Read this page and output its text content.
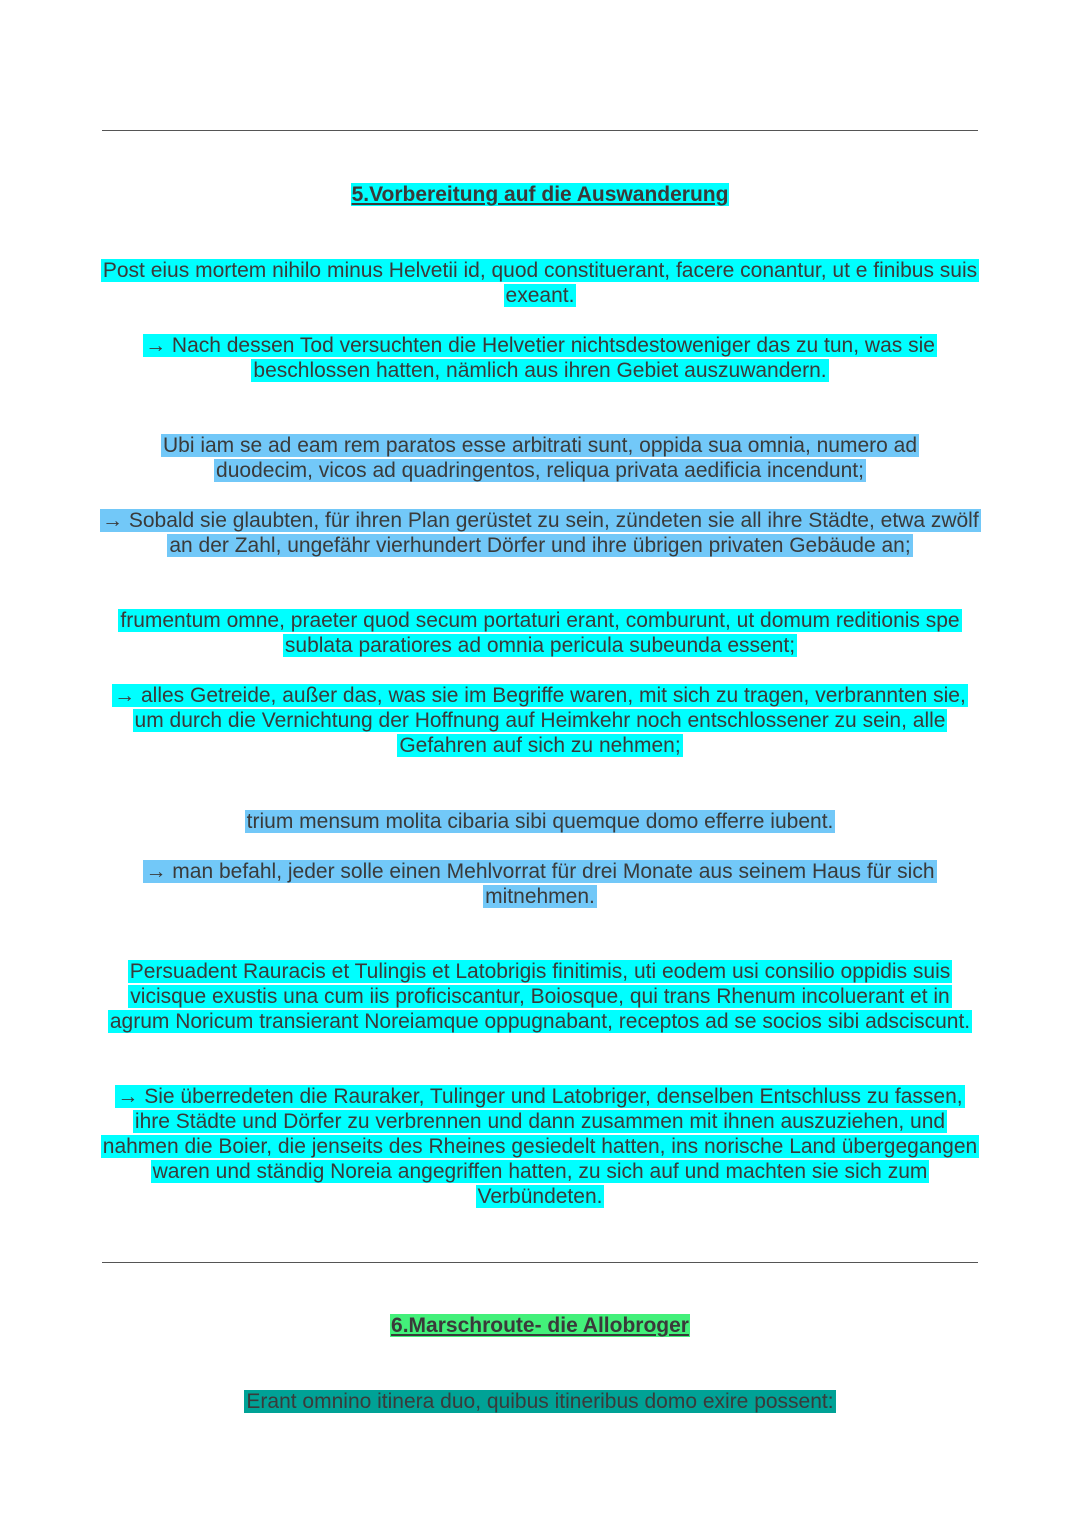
5.Vorbereitung auf die Auswanderung

Post eius mortem nihilo minus Helvetii id, quod constituerant, facere conantur, ut e finibus suis exeant.

→ Nach dessen Tod versuchten die Helvetier nichtsdestoweniger das zu tun, was sie beschlossen hatten, nämlich aus ihren Gebiet auszuwandern.

Ubi iam se ad eam rem paratos esse arbitrati sunt, oppida sua omnia, numero ad duodecim, vicos ad quadringentos, reliqua privata aedificia incendunt;

→ Sobald sie glaubten, für ihren Plan gerüstet zu sein, zündeten sie all ihre Städte, etwa zwölf an der Zahl, ungefähr vierhundert Dörfer und ihre übrigen privaten Gebäude an;

frumentum omne, praeter quod secum portaturi erant, comburunt, ut domum reditionis spe sublata paratiores ad omnia pericula subeunda essent;

→ alles Getreide, außer das, was sie im Begriffe waren, mit sich zu tragen, verbrannten sie, um durch die Vernichtung der Hoffnung auf Heimkehr noch entschlossener zu sein, alle Gefahren auf sich zu nehmen;

trium mensum molita cibaria sibi quemque domo efferre iubent.

→ man befahl, jeder solle einen Mehlvorrat für drei Monate aus seinem Haus für sich mitnehmen.

Persuadent Rauracis et Tulingis et Latobrigis finitimis, uti eodem usi consilio oppidis suis vicisque exustis una cum iis proficiscantur, Boiosque, qui trans Rhenum incoluerant et in agrum Noricum transierant Noreiamque oppugnabant, receptos ad se socios sibi adsciscunt.

→ Sie überredeten die Rauraker, Tulinger und Latobriger, denselben Entschluss zu fassen, ihre Städte und Dörfer zu verbrennen und dann zusammen mit ihnen auszuziehen, und nahmen die Boier, die jenseits des Rheines gesiedelt hatten, ins norische Land übergegangen waren und ständig Noreia angegriffen hatten, zu sich auf und machten sie sich zum Verbündeten.

6.Marschroute- die Allobroger

Erant omnino itinera duo, quibus itineribus domo exire possent:
